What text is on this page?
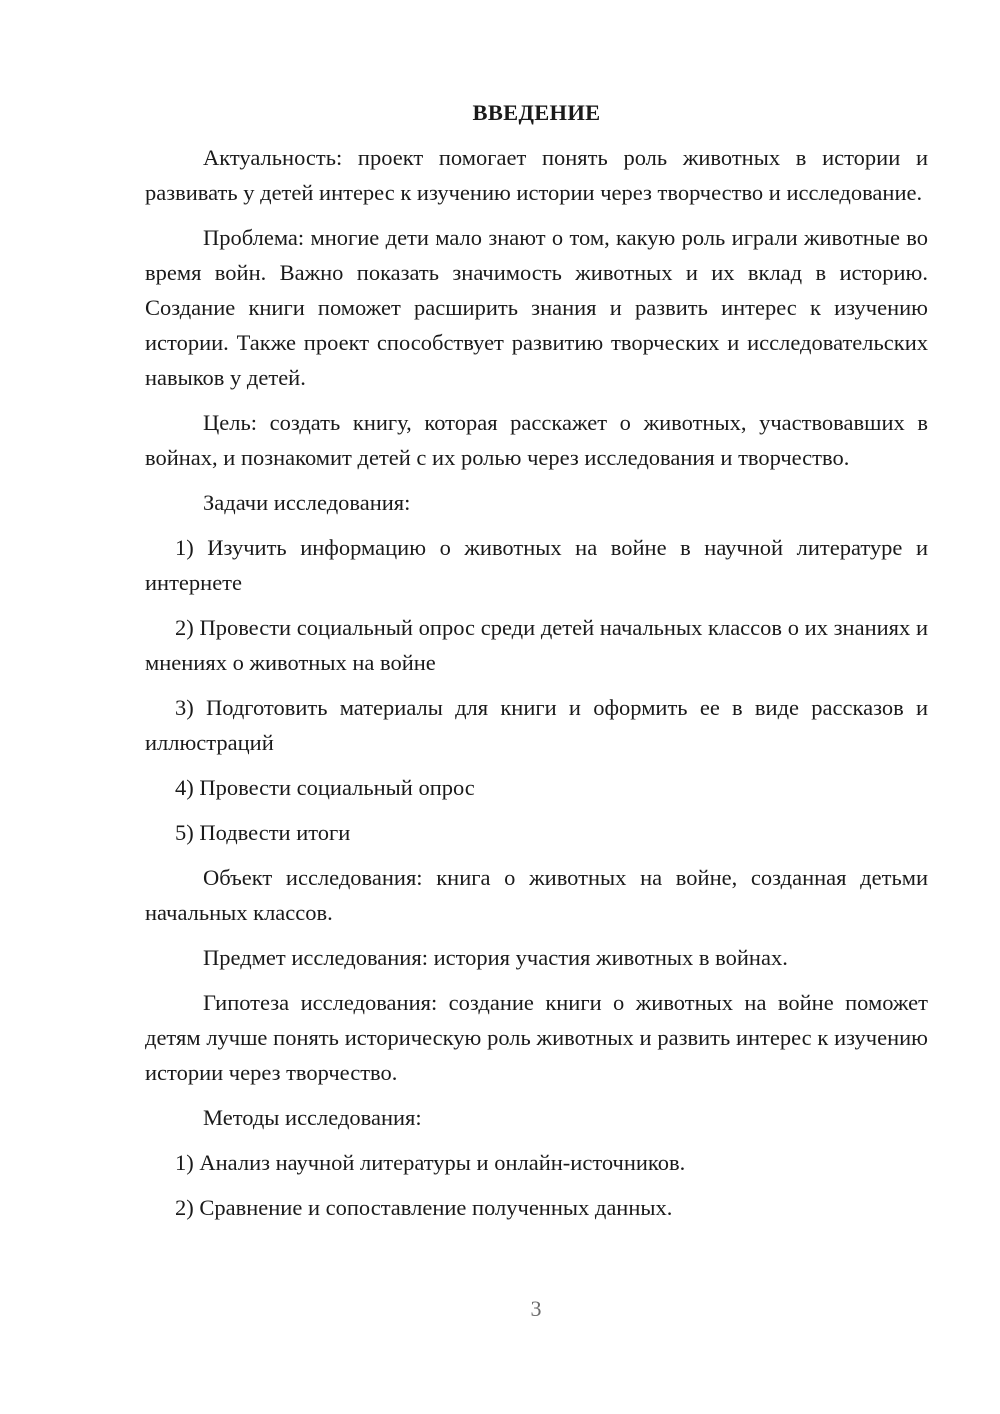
ВВЕДЕНИЕ

Актуальность: проект помогает понять роль животных в истории и развивать у детей интерес к изучению истории через творчество и исследование.

Проблема: многие дети мало знают о том, какую роль играли животные во время войн. Важно показать значимость животных и их вклад в историю. Создание книги поможет расширить знания и развить интерес к изучению истории. Также проект способствует развитию творческих и исследовательских навыков у детей.

Цель: создать книгу, которая расскажет о животных, участвовавших в войнах, и познакомит детей с их ролью через исследования и творчество.

Задачи исследования:

1) Изучить информацию о животных на войне в научной литературе и интернете

2) Провести социальный опрос среди детей начальных классов о их знаниях и мнениях о животных на войне

3) Подготовить материалы для книги и оформить ее в виде рассказов и иллюстраций

4) Провести социальный опрос

5) Подвести итоги

Объект исследования: книга о животных на войне, созданная детьми начальных классов.

Предмет исследования: история участия животных в войнах.

Гипотеза исследования: создание книги о животных на войне поможет детям лучше понять историческую роль животных и развить интерес к изучению истории через творчество.

Методы исследования:

1) Анализ научной литературы и онлайн-источников.

2) Сравнение и сопоставление полученных данных.

3
